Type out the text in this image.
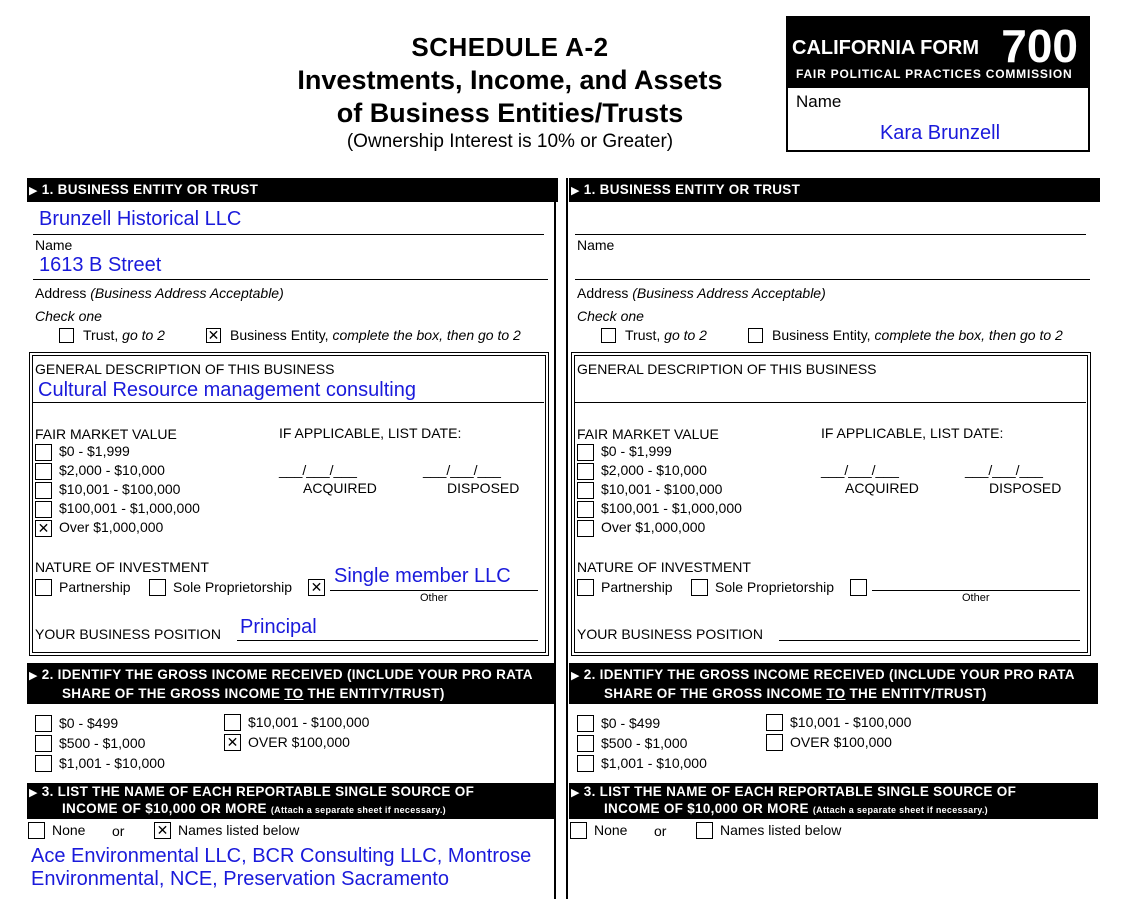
SCHEDULE A-2
Investments, Income, and Assets
of Business Entities/Trusts
(Ownership Interest is 10% or Greater)
CALIFORNIA FORM 700
FAIR POLITICAL PRACTICES COMMISSION
Name
Kara Brunzell
▶ 1. BUSINESS ENTITY OR TRUST
Brunzell Historical LLC
Name
1613 B Street
Address (Business Address Acceptable)
Check one
Trust, go to 2	✕ Business Entity, complete the box, then go to 2
GENERAL DESCRIPTION OF THIS BUSINESS
Cultural Resource management consulting
FAIR MARKET VALUE	IF APPLICABLE, LIST DATE:
$0 - $1,999
$2,000 - $10,000
$10,001 - $100,000
$100,001 - $1,000,000
✕ Over $1,000,000
___/___/___
ACQUIRED
___/___/___
DISPOSED
NATURE OF INVESTMENT
Partnership	Sole Proprietorship ✕
Single member LLC
Other
YOUR BUSINESS POSITION Principal
▶ 2. IDENTIFY THE GROSS INCOME RECEIVED (INCLUDE YOUR PRO RATA
SHARE OF THE GROSS INCOME TO THE ENTITY/TRUST)
$0 - $499
$500 - $1,000
$1,001 - $10,000
$10,001 - $100,000
✕ OVER $100,000
▶ 3. LIST THE NAME OF EACH REPORTABLE SINGLE SOURCE OF
INCOME OF $10,000 OR MORE (Attach a separate sheet if necessary.)
None or ✕ Names listed below
Ace Environmental LLC, BCR Consulting LLC, Montrose
Environmental, NCE, Preservation Sacramento
▶ 1. BUSINESS ENTITY OR TRUST
Name
Address (Business Address Acceptable)
Check one
Trust, go to 2	Business Entity, complete the box, then go to 2
GENERAL DESCRIPTION OF THIS BUSINESS
FAIR MARKET VALUE	IF APPLICABLE, LIST DATE:
$0 - $1,999
$2,000 - $10,000
$10,001 - $100,000
$100,001 - $1,000,000
Over $1,000,000
___/___/___
ACQUIRED
___/___/___
DISPOSED
NATURE OF INVESTMENT
Partnership	Sole Proprietorship
Other
YOUR BUSINESS POSITION
▶ 2. IDENTIFY THE GROSS INCOME RECEIVED (INCLUDE YOUR PRO RATA
SHARE OF THE GROSS INCOME TO THE ENTITY/TRUST)
$0 - $499
$500 - $1,000
$1,001 - $10,000
$10,001 - $100,000
OVER $100,000
▶ 3. LIST THE NAME OF EACH REPORTABLE SINGLE SOURCE OF
INCOME OF $10,000 OR MORE (Attach a separate sheet if necessary.)
None or	Names listed below
